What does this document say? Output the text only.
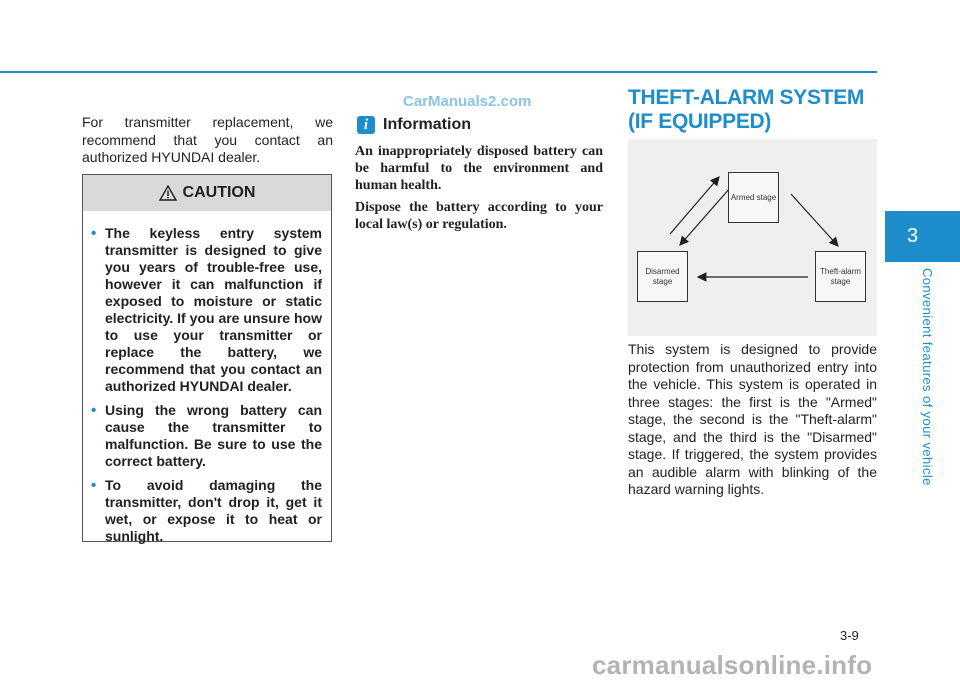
For transmitter replacement, we recommend that you contact an authorized HYUNDAI dealer.

CarManuals2.com
CAUTION
• The keyless entry system transmitter is designed to give you years of trouble-free use, however it can malfunction if exposed to moisture or static electricity. If you are unsure how to use your transmitter or replace the battery, we recommend that you contact an authorized HYUNDAI dealer.
• Using the wrong battery can cause the transmitter to malfunction. Be sure to use the correct battery.
• To avoid damaging the transmitter, don't drop it, get it wet, or expose it to heat or sunlight.
i Information

An inappropriately disposed battery can be harmful to the environment and human health.

Dispose the battery according to your local law(s) or regulation.

THEFT-ALARM SYSTEM
(IF EQUIPPED)
Armed stage
Disarmed stage
Theft-alarm stage

This system is designed to provide protection from unauthorized entry into the vehicle. This system is operated in three stages: the first is the "Armed" stage, the second is the "Theft-alarm" stage, and the third is the "Disarmed" stage. If triggered, the system provides an audible alarm with blinking of the hazard warning lights.

3
Convenient features of your vehicle
3-9
carmanualsonline.info
